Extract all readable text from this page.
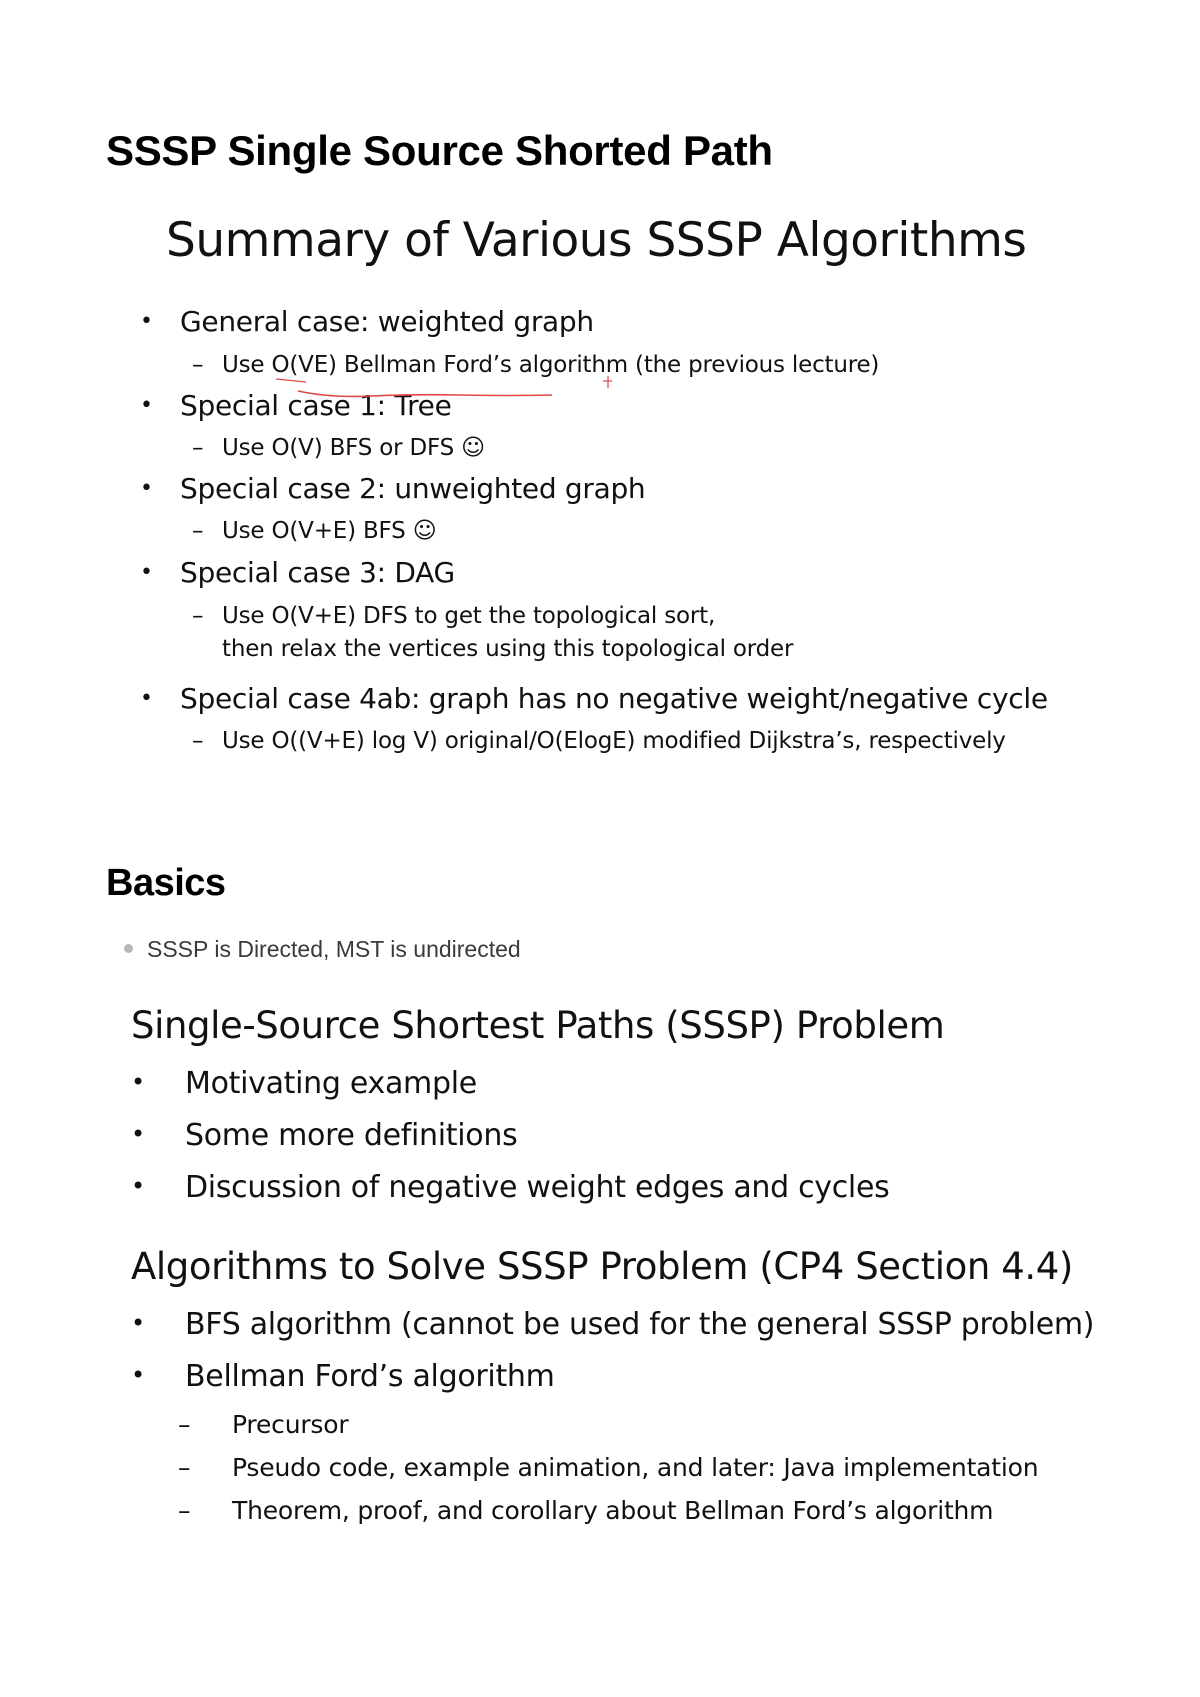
SSSP Single Source Shorted Path
Summary of Various SSSP Algorithms
• General case: weighted graph
– Use O(VE) Bellman Ford’s algorithm (the previous lecture)
• Special case 1: Tree
– Use O(V) BFS or DFS ☺
• Special case 2: unweighted graph
– Use O(V+E) BFS ☺
• Special case 3: DAG
– Use O(V+E) DFS to get the topological sort,
then relax the vertices using this topological order
• Special case 4ab: graph has no negative weight/negative cycle
– Use O((V+E) log V) original/O(ElogE) modified Dijkstra’s, respectively
Basics
SSSP is Directed, MST is undirected
Single-Source Shortest Paths (SSSP) Problem
• Motivating example
• Some more definitions
• Discussion of negative weight edges and cycles
Algorithms to Solve SSSP Problem (CP4 Section 4.4)
• BFS algorithm (cannot be used for the general SSSP problem)
• Bellman Ford’s algorithm
– Precursor
– Pseudo code, example animation, and later: Java implementation
– Theorem, proof, and corollary about Bellman Ford’s algorithm
